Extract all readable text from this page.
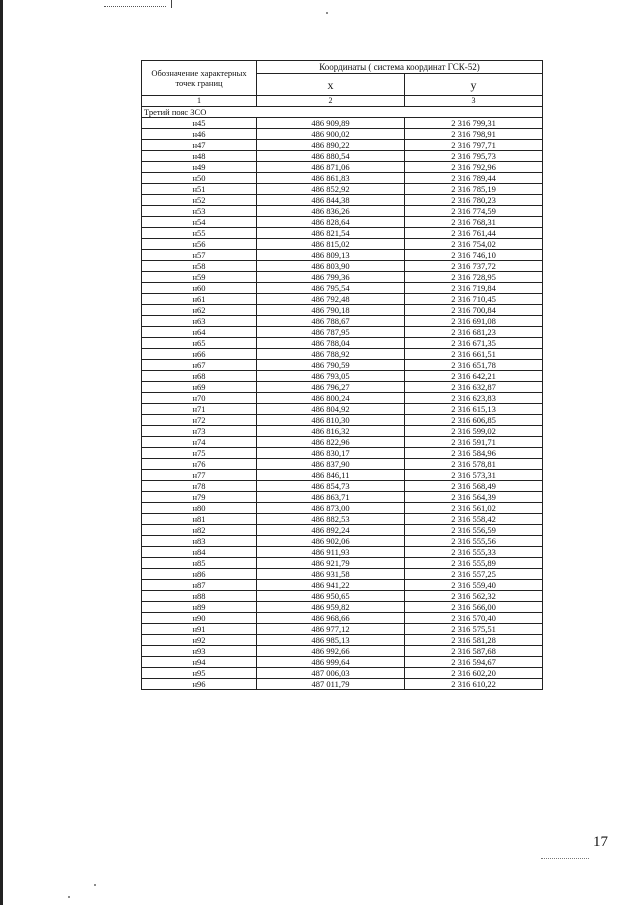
Обозначение характерных точек границ	Координаты ( система координат ГСК-52)	
	х	у
1	2	3
Третий пояс ЗСО		
н45	486 909,89	2 316 799,31
н46	486 900,02	2 316 798,91
н47	486 890,22	2 316 797,71
н48	486 880,54	2 316 795,73
н49	486 871,06	2 316 792,96
н50	486 861,83	2 316 789,44
н51	486 852,92	2 316 785,19
н52	486 844,38	2 316 780,23
н53	486 836,26	2 316 774,59
н54	486 828,64	2 316 768,31
н55	486 821,54	2 316 761,44
н56	486 815,02	2 316 754,02
н57	486 809,13	2 316 746,10
н58	486 803,90	2 316 737,72
н59	486 799,36	2 316 728,95
н60	486 795,54	2 316 719,84
н61	486 792,48	2 316 710,45
н62	486 790,18	2 316 700,84
н63	486 788,67	2 316 691,08
н64	486 787,95	2 316 681,23
н65	486 788,04	2 316 671,35
н66	486 788,92	2 316 661,51
н67	486 790,59	2 316 651,78
н68	486 793,05	2 316 642,21
н69	486 796,27	2 316 632,87
н70	486 800,24	2 316 623,83
н71	486 804,92	2 316 615,13
н72	486 810,30	2 316 606,85
н73	486 816,32	2 316 599,02
н74	486 822,96	2 316 591,71
н75	486 830,17	2 316 584,96
н76	486 837,90	2 316 578,81
н77	486 846,11	2 316 573,31
н78	486 854,73	2 316 568,49
н79	486 863,71	2 316 564,39
н80	486 873,00	2 316 561,02
н81	486 882,53	2 316 558,42
н82	486 892,24	2 316 556,59
н83	486 902,06	2 316 555,56
н84	486 911,93	2 316 555,33
н85	486 921,79	2 316 555,89
н86	486 931,58	2 316 557,25
н87	486 941,22	2 316 559,40
н88	486 950,65	2 316 562,32
н89	486 959,82	2 316 566,00
н90	486 968,66	2 316 570,40
н91	486 977,12	2 316 575,51
н92	486 985,13	2 316 581,28
н93	486 992,66	2 316 587,68
н94	486 999,64	2 316 594,67
н95	487 006,03	2 316 602,20
н96	487 011,79	2 316 610,22
17
